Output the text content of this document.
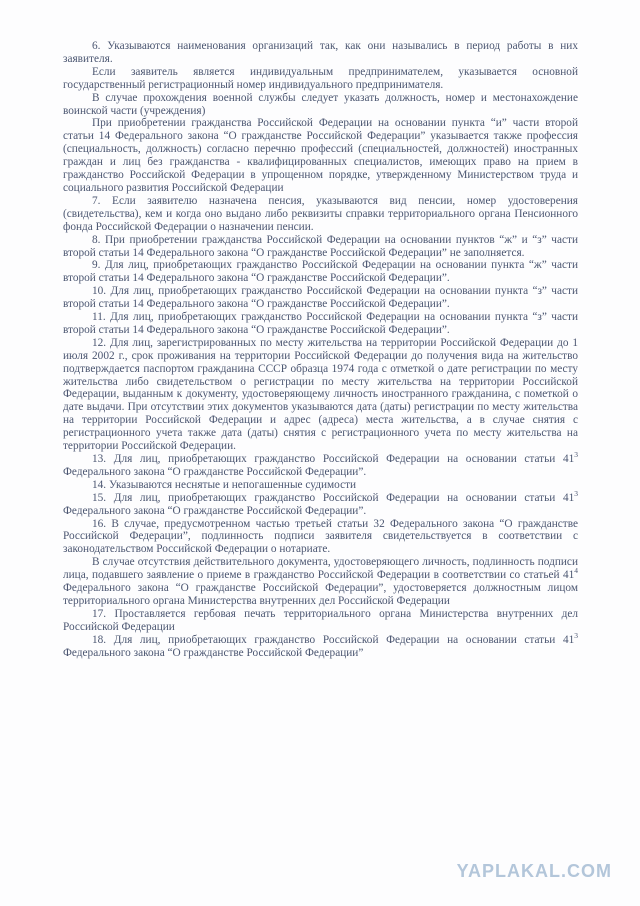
6. Указываются наименования организаций так, как они назывались в период работы в них заявителя.

Если заявитель является индивидуальным предпринимателем, указывается основной государственный регистрационный номер индивидуального предпринимателя.

В случае прохождения военной службы следует указать должность, номер и местонахождение воинской части (учреждения)

При приобретении гражданства Российской Федерации на основании пункта “и” части второй статьи 14 Федерального закона “О гражданстве Российской Федерации” указывается также профессия (специальность, должность) согласно перечню профессий (специальностей, должностей) иностранных граждан и лиц без гражданства - квалифицированных специалистов, имеющих право на прием в гражданство Российской Федерации в упрощенном порядке, утвержденному Министерством труда и социального развития Российской Федерации

7. Если заявителю назначена пенсия, указываются вид пенсии, номер удостоверения (свидетельства), кем и когда оно выдано либо реквизиты справки территориального органа Пенсионного фонда Российской Федерации о назначении пенсии.

8. При приобретении гражданства Российской Федерации на основании пунктов “ж” и “з” части второй статьи 14 Федерального закона “О гражданстве Российской Федерации” не заполняется.

9. Для лиц, приобретающих гражданство Российской Федерации на основании пункта “ж” части второй статьи 14 Федерального закона “О гражданстве Российской Федерации”.

10. Для лиц, приобретающих гражданство Российской Федерации на основании пункта “з” части второй статьи 14 Федерального закона “О гражданстве Российской Федерации”.

11. Для лиц, приобретающих гражданство Российской Федерации на основании пункта “з” части второй статьи 14 Федерального закона “О гражданстве Российской Федерации”.

12. Для лиц, зарегистрированных по месту жительства на территории Российской Федерации до 1 июля 2002 г., срок проживания на территории Российской Федерации до получения вида на жительство подтверждается паспортом гражданина СССР образца 1974 года с отметкой о дате регистрации по месту жительства либо свидетельством о регистрации по месту жительства на территории Российской Федерации, выданным к документу, удостоверяющему личность иностранного гражданина, с пометкой о дате выдачи. При отсутствии этих документов указываются дата (даты) регистрации по месту жительства на территории Российской Федерации и адрес (адреса) места жительства, а в случае снятия с регистрационного учета также дата (даты) снятия с регистрационного учета по месту жительства на территории Российской Федерации.

13. Для лиц, приобретающих гражданство Российской Федерации на основании статьи $41^3$ Федерального закона “О гражданстве Российской Федерации”.

14. Указываются неснятые и непогашенные судимости

15. Для лиц, приобретающих гражданство Российской Федерации на основании статьи $41^3$ Федерального закона “О гражданстве Российской Федерации”.

16. В случае, предусмотренном частью третьей статьи 32 Федерального закона “О гражданстве Российской Федерации”, подлинность подписи заявителя свидетельствуется в соответствии с законодательством Российской Федерации о нотариате.

В случае отсутствия действительного документа, удостоверяющего личность, подлинность подписи лица, подавшего заявление о приеме в гражданство Российской Федерации в соответствии со статьей $41^4$ Федерального закона “О гражданстве Российской Федерации”, удостоверяется должностным лицом территориального органа Министерства внутренних дел Российской Федерации

17. Проставляется гербовая печать территориального органа Министерства внутренних дел Российской Федерации

18. Для лиц, приобретающих гражданство Российской Федерации на основании статьи $41^3$ Федерального закона “О гражданстве Российской Федерации”

YAPLAKAL.COM
